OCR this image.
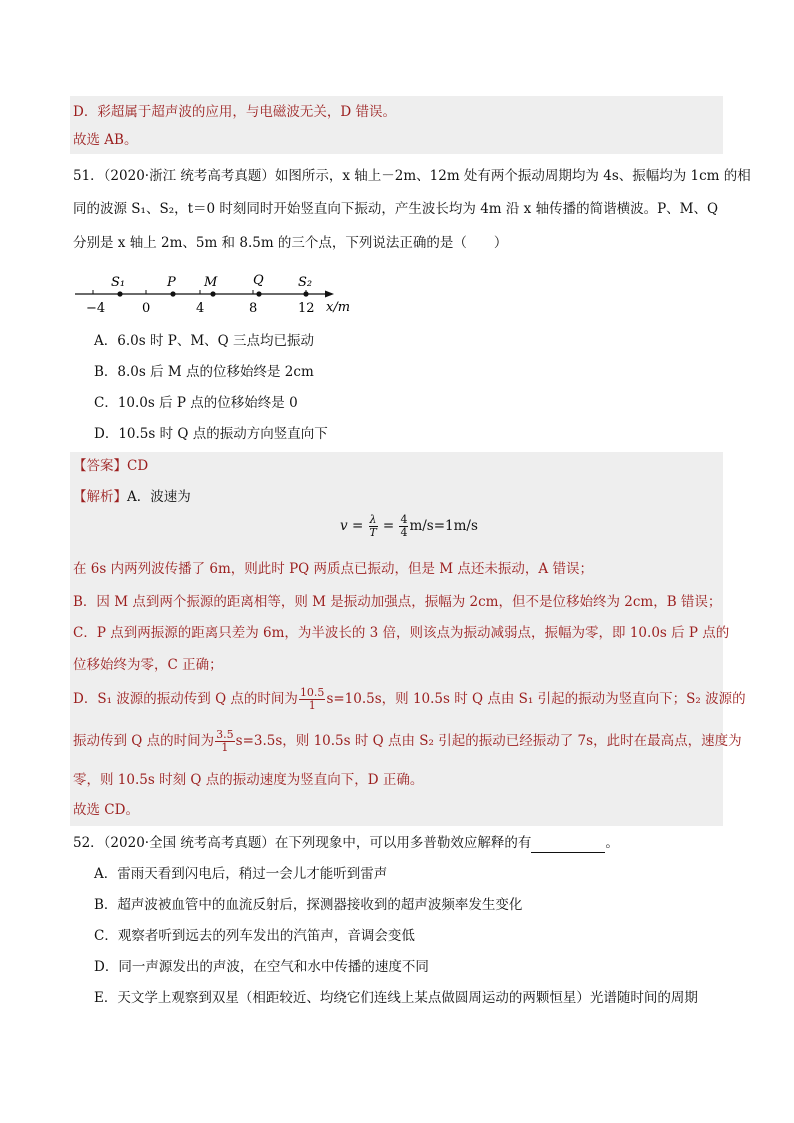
D．彩超属于超声波的应用，与电磁波无关，D 错误。
故选 AB。
51．（2020·浙江 统考高考真题）如图所示，x 轴上－2m、12m 处有两个振动周期均为 4s、振幅均为 1cm 的相
同的波源 S₁、S₂，t＝0 时刻同时开始竖直向下振动，产生波长均为 4m 沿 x 轴传播的简谐横波。P、M、Q
分别是 x 轴上 2m、5m 和 8.5m 的三个点，下列说法正确的是（　　）
−4	0	4	8	12 x/m
S₁	P M	Q	S₂
A．6.0s 时 P、M、Q 三点均已振动
B．8.0s 后 M 点的位移始终是 2cm
C．10.0s 后 P 点的位移始终是 0
D．10.5s 时 Q 点的振动方向竖直向下
【答案】CD
【解析】A．波速为
$v = \frac{\lambda}{T} = \frac{4}{4} m/s=1m/s$
在 6s 内两列波传播了 6m，则此时 PQ 两质点已振动，但是 M 点还未振动，A 错误；
B．因 M 点到两个振源的距离相等，则 M 是振动加强点，振幅为 2cm，但不是位移始终为 2cm，B 错误；
C．P 点到两振源的距离只差为 6m，为半波长的 3 倍，则该点为振动减弱点，振幅为零，即 10.0s 后 P 点的
位移始终为零，C 正确；
D．S₁ 波源的振动传到 Q 点的时间为 $\frac{10.5}{1} s=10.5s$，则 10.5s 时 Q 点由 S₁ 引起的振动为竖直向下；S₂ 波源的
振动传到 Q 点的时间为 $\frac{3.5}{1} s=3.5s$，则 10.5s 时 Q 点由 S₂ 引起的振动已经振动了 7s，此时在最高点，速度为
零，则 10.5s 时刻 Q 点的振动速度为竖直向下，D 正确。
故选 CD。
52．（2020·全国 统考高考真题）在下列现象中，可以用多普勒效应解释的有	。
A．雷雨天看到闪电后，稍过一会儿才能听到雷声
B．超声波被血管中的血流反射后，探测器接收到的超声波频率发生变化
C．观察者听到远去的列车发出的汽笛声，音调会变低
D．同一声源发出的声波，在空气和水中传播的速度不同
E．天文学上观察到双星（相距较近、均绕它们连线上某点做圆周运动的两颗恒星）光谱随时间的周期
